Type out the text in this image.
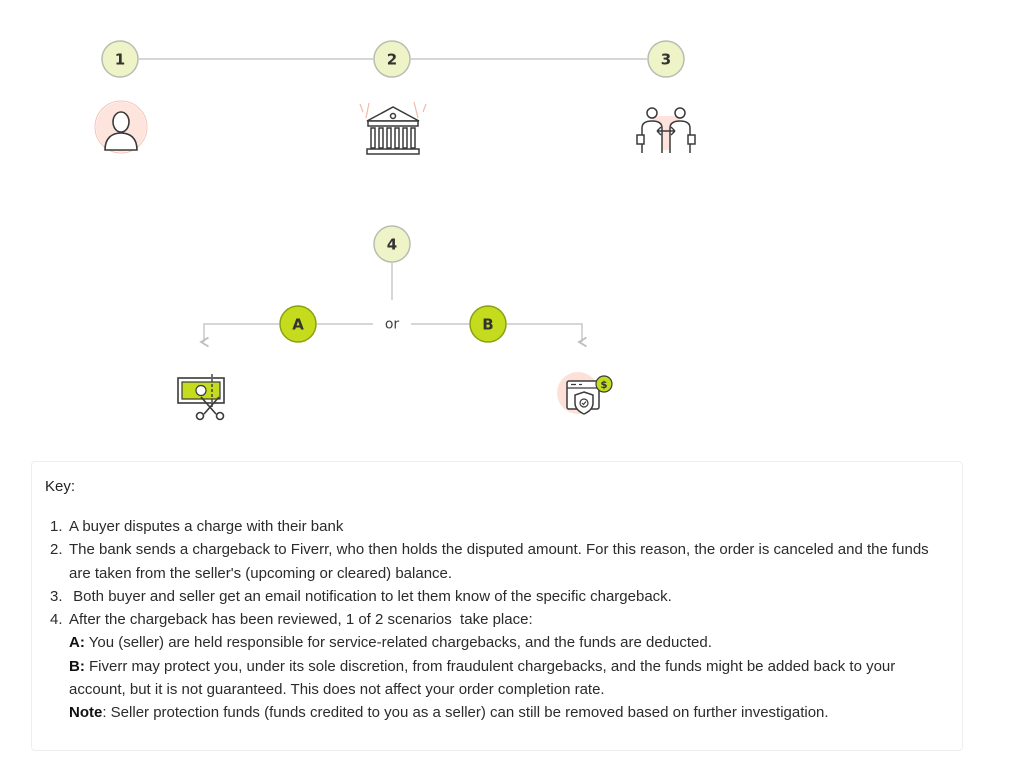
1	2	3
4
A	B
or
$
Key:
1. A buyer disputes a charge with their bank
2. The bank sends a chargeback to Fiverr, who then holds the disputed amount. For this reason, the order is canceled and the funds are taken from the seller's (upcoming or cleared) balance.
3. Both buyer and seller get an email notification to let them know of the specific chargeback.
4. After the chargeback has been reviewed, 1 of 2 scenarios  take place:
A: You (seller) are held responsible for service-related chargebacks, and the funds are deducted.
B: Fiverr may protect you, under its sole discretion, from fraudulent chargebacks, and the funds might be added back to your account, but it is not guaranteed. This does not affect your order completion rate.
Note: Seller protection funds (funds credited to you as a seller) can still be removed based on further investigation.
